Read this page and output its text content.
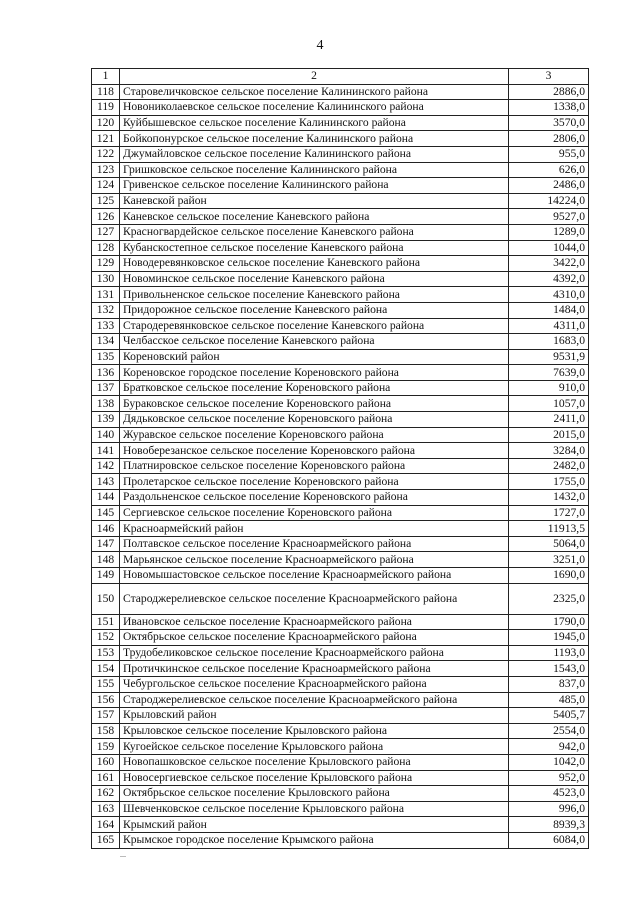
4
1	2	3
118	Старовеличковское сельское поселение Калининского района	2886,0
119	Новониколаевское сельское поселение Калининского района	1338,0
120	Куйбышевское сельское поселение Калининского района	3570,0
121	Бойкопонурское сельское поселение Калининского района	2806,0
122	Джумайловское сельское поселение Калининского района	955,0
123	Гришковское сельское поселение Калининского района	626,0
124	Гривенское сельское поселение Калининского района	2486,0
125	Каневской район	14224,0
126	Каневское сельское поселение Каневского района	9527,0
127	Красногвардейское сельское поселение Каневского района	1289,0
128	Кубанскостепное сельское поселение Каневского района	1044,0
129	Новодеревянковское сельское поселение Каневского района	3422,0
130	Новоминское сельское поселение Каневского района	4392,0
131	Привольненское сельское поселение Каневского района	4310,0
132	Придорожное сельское поселение Каневского района	1484,0
133	Стародеревянковское сельское поселение Каневского района	4311,0
134	Челбасское сельское поселение Каневского района	1683,0
135	Кореновский район	9531,9
136	Кореновское городское поселение Кореновского района	7639,0
137	Братковское сельское поселение Кореновского района	910,0
138	Бураковское сельское поселение Кореновского района	1057,0
139	Дядьковское сельское поселение Кореновского района	2411,0
140	Журавское сельское поселение Кореновского района	2015,0
141	Новоберезанское сельское поселение Кореновского района	3284,0
142	Платнировское сельское поселение Кореновского района	2482,0
143	Пролетарское сельское поселение Кореновского района	1755,0
144	Раздольненское сельское поселение Кореновского района	1432,0
145	Сергиевское сельское поселение Кореновского района	1727,0
146	Красноармейский район	11913,5
147	Полтавское сельское поселение Красноармейского района	5064,0
148	Марьянское сельское поселение Красноармейского района	3251,0
149	Новомышастовское сельское поселение Красноармейского района	1690,0
150	Староджерелиевское сельское поселение Красноармейского района	2325,0
151	Ивановское сельское поселение Красноармейского района	1790,0
152	Октябрьское сельское поселение Красноармейского района	1945,0
153	Трудобеликовское сельское поселение Красноармейского района	1193,0
154	Протичкинское сельское поселение Красноармейского района	1543,0
155	Чебургольское сельское поселение Красноармейского района	837,0
156	Староджерелиевское сельское поселение Красноармейского района	485,0
157	Крыловский район	5405,7
158	Крыловское сельское поселение Крыловского района	2554,0
159	Кугоейское сельское поселение Крыловского района	942,0
160	Новопашковское сельское поселение Крыловского района	1042,0
161	Новосергиевское сельское поселение Крыловского района	952,0
162	Октябрьское сельское поселение Крыловского района	4523,0
163	Шевченковское сельское поселение Крыловского района	996,0
164	Крымский район	8939,3
165	Крымское городское поселение Крымского района	6084,0
